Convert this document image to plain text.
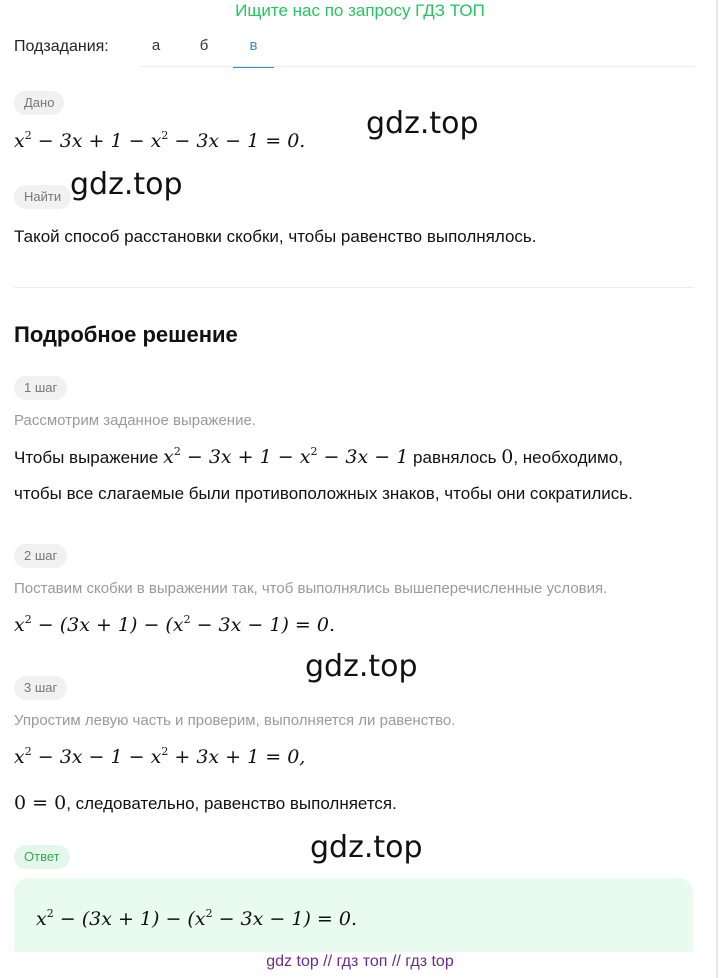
Ищите нас по запросу ГДЗ ТОП
Подзадания:	а	б	в
Дано
$x^2 - 3x + 1 - x^2 - 3x - 1 = 0$.
Найти
Такой способ расстановки скобки, чтобы равенство выполнялось.
Подробное решение
1 шаг
Рассмотрим заданное выражение.
Чтобы выражение $x^2 - 3x + 1 - x^2 - 3x - 1$ равнялось 0, необходимо,
чтобы все слагаемые были противоположных знаков, чтобы они сократились.
2 шаг
Поставим скобки в выражении так, чтоб выполнялись вышеперечисленные условия.
$x^2 - (3x + 1) - (x^2 - 3x - 1) = 0$.
3 шаг
Упростим левую часть и проверим, выполняется ли равенство.
$x^2 - 3x - 1 - x^2 + 3x + 1 = 0$,
0 = 0, следовательно, равенство выполняется.
Ответ
$x^2 - (3x + 1) - (x^2 - 3x - 1) = 0$.
gdz.top
gdz.top
gdz.top
gdz.top
gdz top // гдз топ // гдз top
